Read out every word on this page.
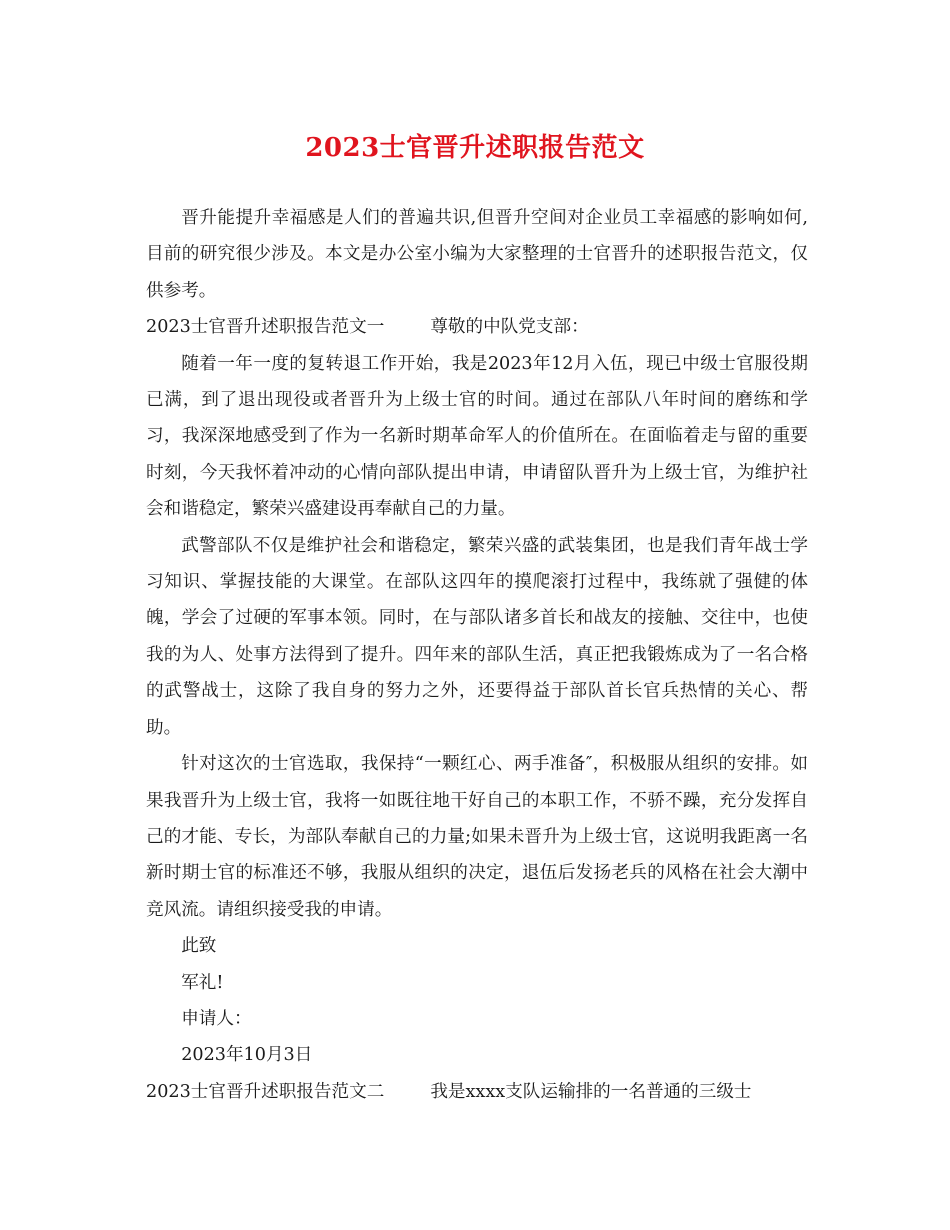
2023士官晋升述职报告范文

晋升能提升幸福感是人们的普遍共识,但晋升空间对企业员工幸福感的影响如何,目前的研究很少涉及。本文是办公室小编为大家整理的士官晋升的述职报告范文，仅供参考。

2023士官晋升述职报告范文一	尊敬的中队党支部：

随着一年一度的复转退工作开始，我是2023年12月入伍，现已中级士官服役期已满，到了退出现役或者晋升为上级士官的时间。通过在部队八年时间的磨练和学习，我深深地感受到了作为一名新时期革命军人的价值所在。在面临着走与留的重要时刻，今天我怀着冲动的心情向部队提出申请，申请留队晋升为上级士官，为维护社会和谐稳定，繁荣兴盛建设再奉献自己的力量。

武警部队不仅是维护社会和谐稳定，繁荣兴盛的武装集团，也是我们青年战士学习知识、掌握技能的大课堂。在部队这四年的摸爬滚打过程中，我练就了强健的体魄，学会了过硬的军事本领。同时，在与部队诸多首长和战友的接触、交往中，也使我的为人、处事方法得到了提升。四年来的部队生活，真正把我锻炼成为了一名合格的武警战士，这除了我自身的努力之外，还要得益于部队首长官兵热情的关心、帮助。

针对这次的士官选取，我保持“一颗红心、两手准备″，积极服从组织的安排。如果我晋升为上级士官，我将一如既往地干好自己的本职工作，不骄不躁，充分发挥自己的才能、专长，为部队奉献自己的力量;如果未晋升为上级士官，这说明我距离一名新时期士官的标准还不够，我服从组织的决定，退伍后发扬老兵的风格在社会大潮中竞风流。请组织接受我的申请。

此致

军礼!

申请人：

2023年10月3日

2023士官晋升述职报告范文二	我是xxxx支队运输排的一名普通的三级士
